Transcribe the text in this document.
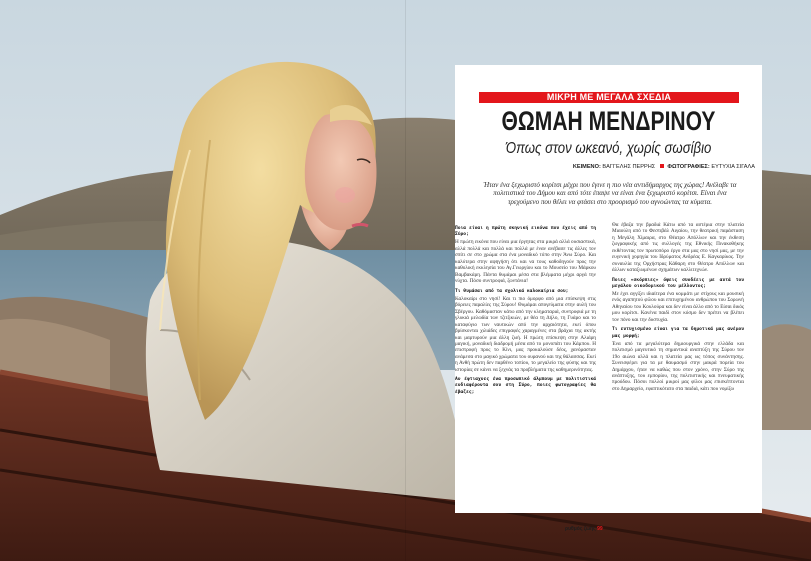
ΜΙΚΡΗ ΜΕ ΜΕΓΑΛΑ ΣΧΕΔΙΑ
ΘΩΜΑΗ ΜΕΝΔΡΙΝΟΥ
Όπως στον ωκεανό, χωρίς σωσίβιο
ΚΕΙΜΕΝΟ: ΒΑΓΓΕΛΗΣ ΠΕΡΡΗΣ ΦΩΤΟΓΡΑΦΙΕΣ: ΕΥΤΥΧΙΑ ΣΙΓΑΛΑ
Ήταν ένα ξεχωριστό κορίτσι μέχρι που έγινε η πιο νέα αντιδήμαρχος της χώρας! Ανέλαβε τα πολιτιστικά του Δήμου και από τότε έπαψε να είναι ένα ξεχωριστό κορίτσι. Είναι ένα τρεχούμενο που θέλει να φτάσει στο προορισμό του αγνοώντας τα κύματα.
Ποια είναι η πρώτη σκηνική εικόνα που έχεις από τη Σύρο;

Η πρώτη εικόνα που είναι μια έργητας στα μικρά αλλά ουσιαστικά, αλλά πολλά και πολλά και πολλά με έναν ανέβασε τις άλλες τον σπίτι σε στο χρώμα στα ένα μοναδικό τόπο στην Άνω Σύρο. Και καλύτερα στην αφηγήση ότι και να τους καθοδηγούν προς την καθολική εκκλησία του Αγ.Γεωργίου και το Μουσείο του Μάρκου Βαμβακάρη. Πάντα θυμάμαι μέσα στα βλέμματα μέχρι αργά την νύχτα. Πόσο συντροφιά, ζωντάνια!

Τι θυμάσαι από τα σχολικά καλοκαίρια σου;

Καλοκαίρι στο νησί! Και τι πιο όμορφο από μια επίσκεψη στις βόρειες παραλίες της Σύρου! Θυμάμαι απογεύματα στην αυλή του Σβέργου. Καθόμασταν κάτω από την κληματαριά, συντροφιά με τη γλυκιά μελωδία των τζιτζικιών, με θέα τη Δήλο, τη Γυάρο και το καταφύγιο των ναυτικών από την αρχαιότητα, εκεί όπου βρίσκονται χιλιάδες επιγραφές χαραγμένες στα βράχια της ακτής και μαρτυρούν μια άλλη ζωή. Η πρώτη επίσκεψη στην Αλιάρη μαγική, μοναδική διαδρομή μέσα από το μονοπάτι του Κάμπου. Η επιστροφή προς το Κίνι, μας προκαλούσε δέος, χανόμασταν ανάμεσα στο μαγικό χρώματα του ουρανού και της θάλασσας. Εκεί η Ανθή πρώτη δεν παρθένο τοπίου, το μεγαλείο της φύσης και της ιστορίας σε κάνει να ξεχνάς τα προβλήματα της καθημερινότητας.

Αν έφτιαχνες ένα προσωπικό άλμπουμ με πολιτιστικά ενδιαφέροντα σου στη Σύρο, ποιες φωτογραφίες θα έβαζες;

Θα έβαζα την βραδιά Κάτω από τα αστέρια στην πλατεία Μιαούλη από το Φεστιβάλ Αιγαίου, την θεατρική παράσταση η Μεγάλη Χίμαιρα, στο Θέατρο Απόλλων και την έκθεση ζωγραφικής από τις συλλογές της Εθνικής Πινακοθήκης εκθέτοντας τον πρωτοπόρο έργο στα μας στο νησί μας, με την ευγενική χορηγία του Ιδρύματος Ανδρέας Ε. Καγκαρίκος. Την συναυλία της Ορχήστρας Κάθαρη στο Θέατρο Απόλλων και άλλων καταξιωμένων σχημάτων καλλιτεχνών.

Ποιες «σκόρπιες» όψεις συνδέεις με αυτά του μεγάλου οικοδομικού του μέλλοντος;

Με έχει αγγίξει ιδιαίτερα ένα κομμάτι με στίχους και μουσική ενός αγαπητού φίλου και επιτυχημένου ανθρώπου του Σορωνή Αθηναίου του Κουλούρα και δεν είναι άλλο από το Είσαι δικός μου κορίτσι. Κανένα παιδί στον κόσμο δεν πρέπει να βλέπει τον πόνο και την δυστυχία.

Τι ευτυχισμένο είναι για τα δημοτικά μας ανέμου μας μορφή;

Ένα από τα μεγαλύτερα δημιουργικά στην ελλάδα και πολιτισμό μαγευτικό τη σημαντικά αναπτύξη της Σύρου τον 19ο αιώνα αλλά και η πλατεία μας ως τόπος συνάντησης. Συνεισφέρει για τα με θαυμασμό στην μακρά πορεία του Δημάρχου, ήταν να καθώς που στον χρόνο, στην Σύρο της ανάπτυξης, του εμπορίου, της πολιτιστικής και πνευματικής προόδου. Πόσοι πολλοί μικροί μας φίλοι μας επισκέπτονται στο Δημαρχείο, εφαπτικότατο στα παιδιά, κάτι που νομίζω

ρυθμός ζωής 99
